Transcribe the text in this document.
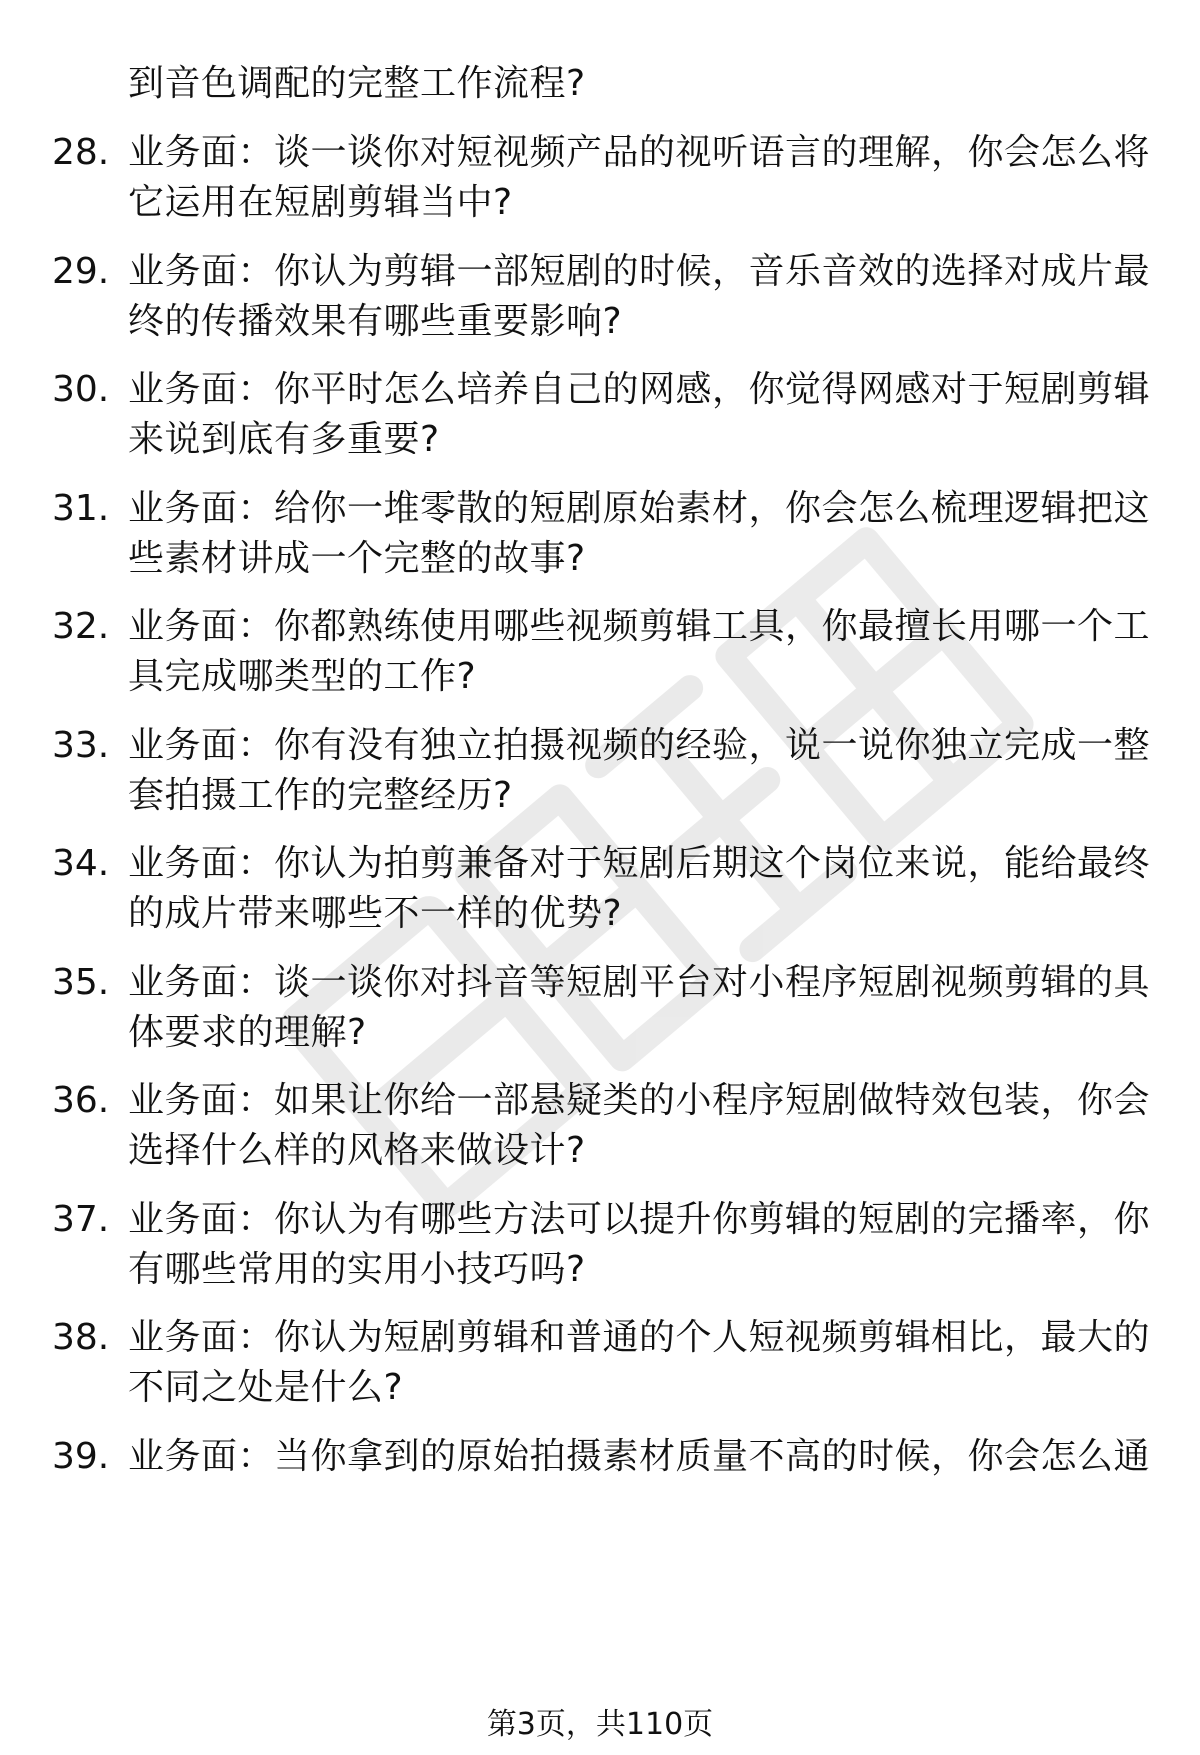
到音色调配的完整工作流程?
28. 业务面：谈一谈你对短视频产品的视听语言的理解，你会怎么将
它运用在短剧剪辑当中?
29. 业务面：你认为剪辑一部短剧的时候，音乐音效的选择对成片最
终的传播效果有哪些重要影响?
30. 业务面：你平时怎么培养自己的网感，你觉得网感对于短剧剪辑
来说到底有多重要?
31. 业务面：给你一堆零散的短剧原始素材，你会怎么梳理逻辑把这
些素材讲成一个完整的故事?
32. 业务面：你都熟练使用哪些视频剪辑工具，你最擅长用哪一个工
具完成哪类型的工作?
33. 业务面：你有没有独立拍摄视频的经验，说一说你独立完成一整
套拍摄工作的完整经历?
34. 业务面：你认为拍剪兼备对于短剧后期这个岗位来说，能给最终
的成片带来哪些不一样的优势?
35. 业务面：谈一谈你对抖音等短剧平台对小程序短剧视频剪辑的具
体要求的理解?
36. 业务面：如果让你给一部悬疑类的小程序短剧做特效包装，你会
选择什么样的风格来做设计?
37. 业务面：你认为有哪些方法可以提升你剪辑的短剧的完播率，你
有哪些常用的实用小技巧吗?
38. 业务面：你认为短剧剪辑和普通的个人短视频剪辑相比，最大的
不同之处是什么?
39. 业务面：当你拿到的原始拍摄素材质量不高的时候，你会怎么通
第3页，共110页
